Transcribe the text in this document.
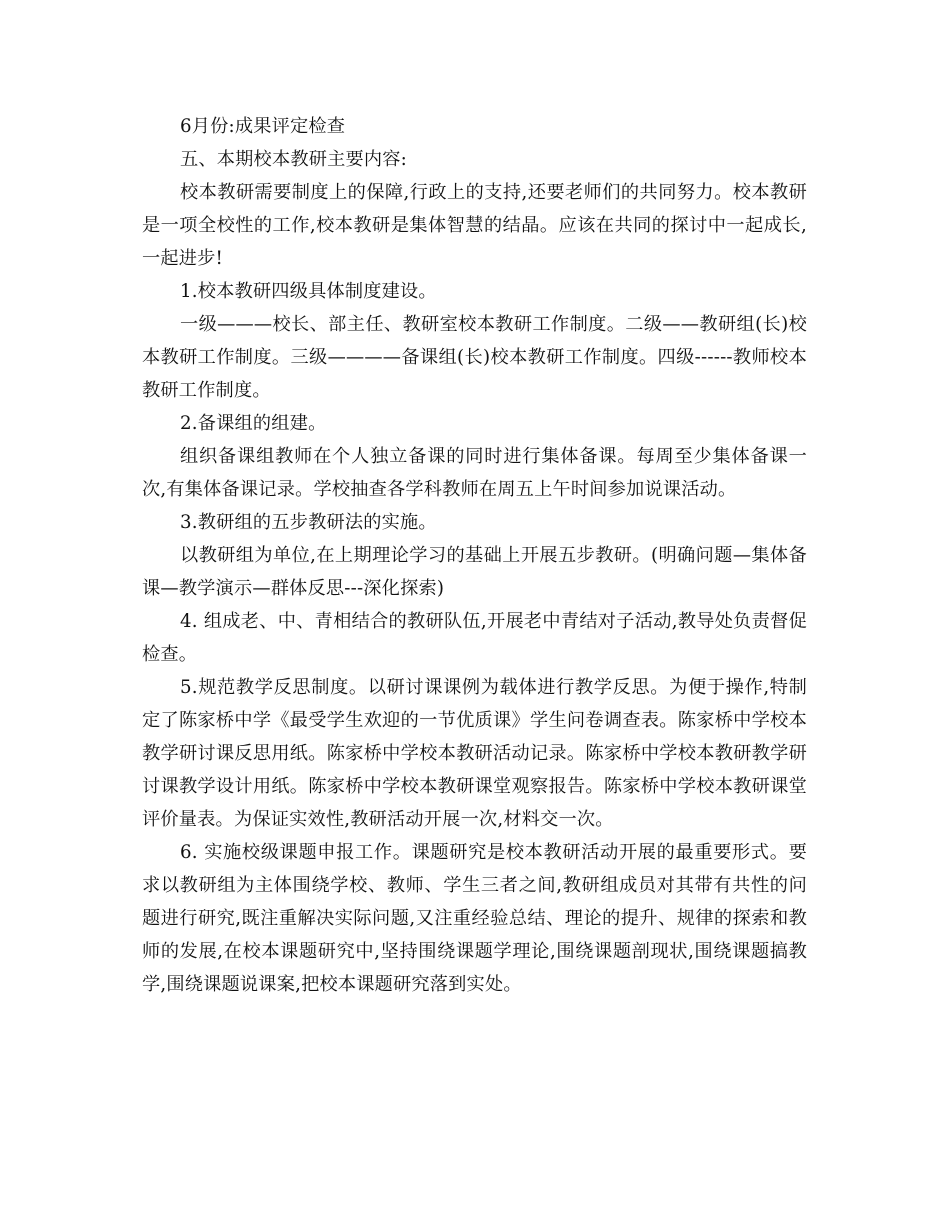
6月份:成果评定检查

五、本期校本教研主要内容:

校本教研需要制度上的保障,行政上的支持,还要老师们的共同努力。校本教研是一项全校性的工作,校本教研是集体智慧的结晶。应该在共同的探讨中一起成长,一起进步!

1.校本教研四级具体制度建设。

一级———校长、部主任、教研室校本教研工作制度。二级——教研组(长)校本教研工作制度。三级————备课组(长)校本教研工作制度。四级------教师校本教研工作制度。

2.备课组的组建。

组织备课组教师在个人独立备课的同时进行集体备课。每周至少集体备课一次,有集体备课记录。学校抽查各学科教师在周五上午时间参加说课活动。

3.教研组的五步教研法的实施。

以教研组为单位,在上期理论学习的基础上开展五步教研。(明确问题—集体备课—教学演示—群体反思---深化探索)

4. 组成老、中、青相结合的教研队伍,开展老中青结对子活动,教导处负责督促检查。

5.规范教学反思制度。以研讨课课例为载体进行教学反思。为便于操作,特制定了陈家桥中学《最受学生欢迎的一节优质课》学生问卷调查表。陈家桥中学校本教学研讨课反思用纸。陈家桥中学校本教研活动记录。陈家桥中学校本教研教学研讨课教学设计用纸。陈家桥中学校本教研课堂观察报告。陈家桥中学校本教研课堂评价量表。为保证实效性,教研活动开展一次,材料交一次。

6. 实施校级课题申报工作。课题研究是校本教研活动开展的最重要形式。要求以教研组为主体围绕学校、教师、学生三者之间,教研组成员对其带有共性的问题进行研究,既注重解决实际问题,又注重经验总结、理论的提升、规律的探索和教师的发展,在校本课题研究中,坚持围绕课题学理论,围绕课题剖现状,围绕课题搞教学,围绕课题说课案,把校本课题研究落到实处。
